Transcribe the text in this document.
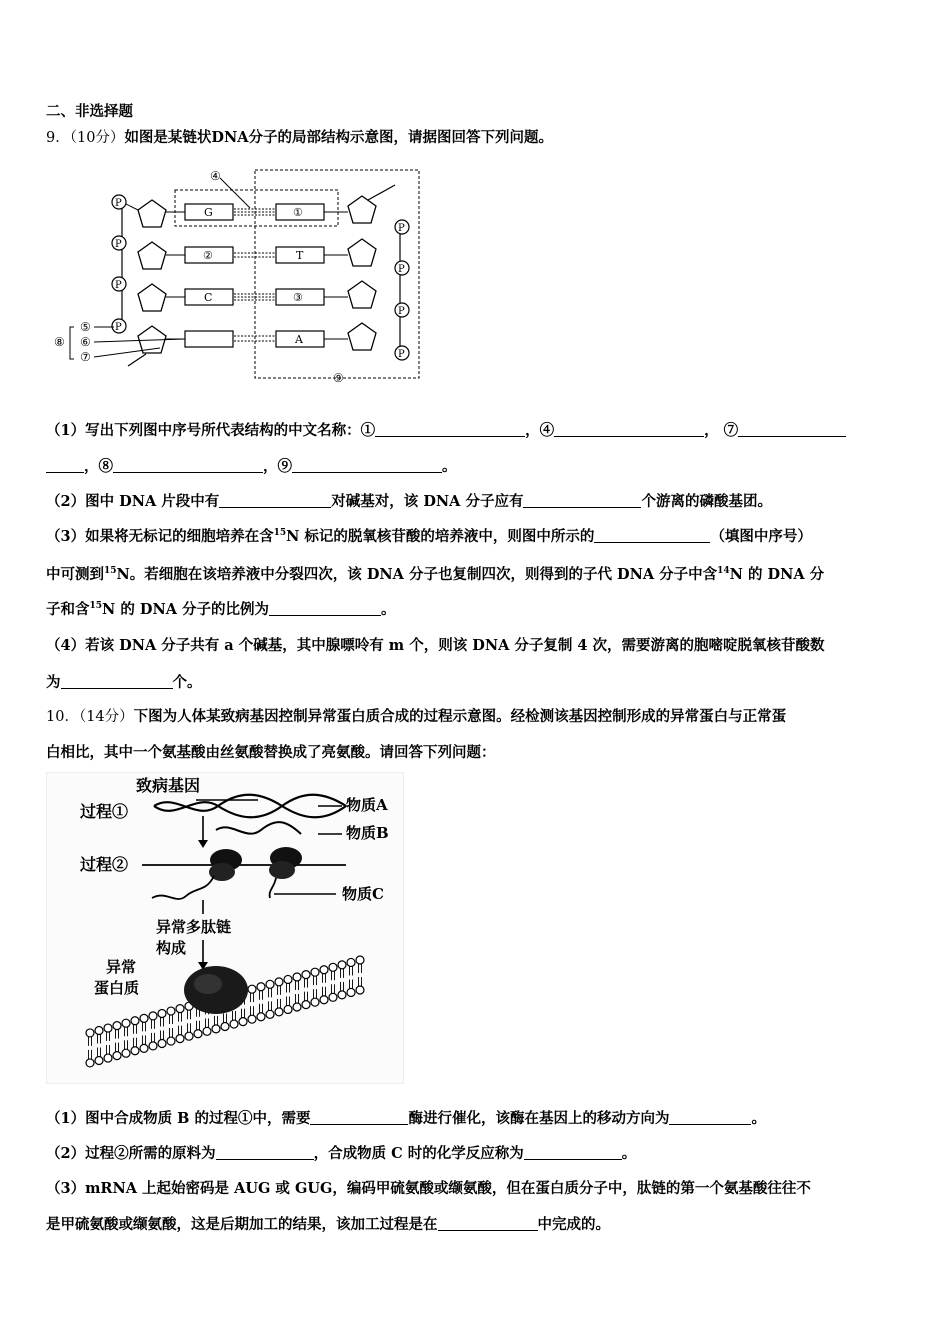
二、非选择题
9．（10分）如图是某链状DNA分子的局部结构示意图，请据图回答下列问题。
④
P
G	①
P
P
②	T
P
P
C	③
P
P
A
P
⑤
⑥
⑦
⑧
⑨
（1）写出下列图中序号所代表结构的中文名称：①	，④	， ⑦
，⑧	，⑨	。
（2）图中 DNA 片段中有	对碱基对，该 DNA 分子应有	个游离的磷酸基团。
（3）如果将无标记的细胞培养在含$^{15}$N 标记的脱氧核苷酸的培养液中，则图中所示的	（填图中序号）
中可测到$^{15}$N。若细胞在该培养液中分裂四次，该 DNA 分子也复制四次，则得到的子代 DNA 分子中含$^{14}$N 的 DNA 分
子和含$^{15}$N 的 DNA 分子的比例为	。
（4）若该 DNA 分子共有 a 个碱基，其中腺嘌呤有 m 个，则该 DNA 分子复制 4 次，需要游离的胞嘧啶脱氧核苷酸数
为	个。
10．（14分）下图为人体某致病基因控制异常蛋白质合成的过程示意图。经检测该基因控制形成的异常蛋白与正常蛋
白相比，其中一个氨基酸由丝氨酸替换成了亮氨酸。请回答下列问题：
致病基因
过程①	物质A
物质B
过程②
物质C
异常多肽链
构成
异常
蛋白质
（1）图中合成物质 B 的过程①中，需要	酶进行催化，该酶在基因上的移动方向为	。
（2）过程②所需的原料为	，合成物质 C 时的化学反应称为	。
（3）mRNA 上起始密码是 AUG 或 GUG，编码甲硫氨酸或缬氨酸，但在蛋白质分子中，肽链的第一个氨基酸往往不
是甲硫氨酸或缬氨酸，这是后期加工的结果，该加工过程是在	中完成的。
